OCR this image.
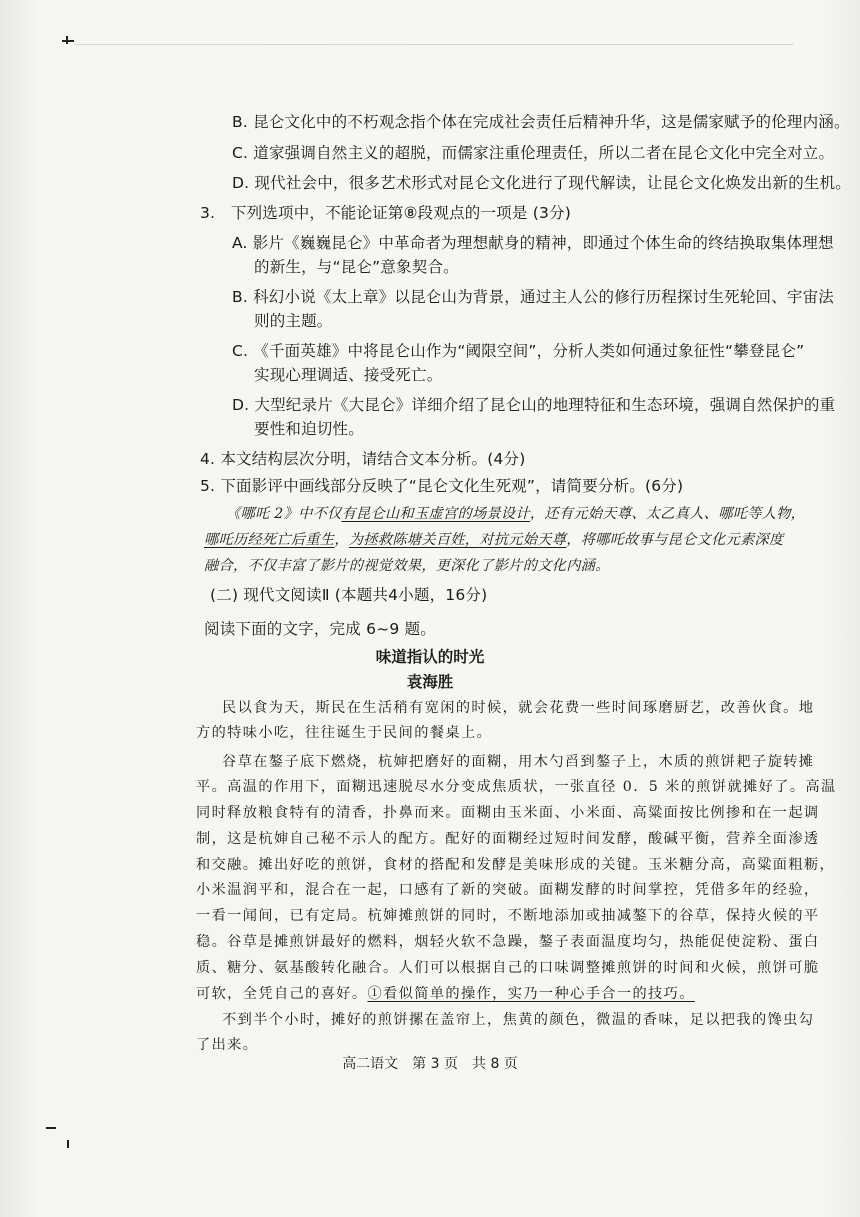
B. 昆仑文化中的不朽观念指个体在完成社会责任后精神升华，这是儒家赋予的伦理内涵。
C. 道家强调自然主义的超脱，而儒家注重伦理责任，所以二者在昆仑文化中完全对立。
D. 现代社会中，很多艺术形式对昆仑文化进行了现代解读，让昆仑文化焕发出新的生机。
3.　下列选项中，不能论证第⑧段观点的一项是 (3分)
A. 影片《巍巍昆仑》中革命者为理想献身的精神，即通过个体生命的终结换取集体理想
的新生，与“昆仑”意象契合。
B. 科幻小说《太上章》以昆仑山为背景，通过主人公的修行历程探讨生死轮回、宇宙法
则的主题。
C. 《千面英雄》中将昆仑山作为“阈限空间”，分析人类如何通过象征性“攀登昆仑”
实现心理调适、接受死亡。
D. 大型纪录片《大昆仑》详细介绍了昆仑山的地理特征和生态环境，强调自然保护的重
要性和迫切性。
4. 本文结构层次分明，请结合文本分析。(4分)
5. 下面影评中画线部分反映了“昆仑文化生死观”，请简要分析。(6分)
《哪吒 2》中不仅有昆仑山和玉虚宫的场景设计，还有元始天尊、太乙真人、哪吒等人物，
哪吒历经死亡后重生，为拯救陈塘关百姓，对抗元始天尊，将哪吒故事与昆仑文化元素深度
融合，不仅丰富了影片的视觉效果，更深化了影片的文化内涵。
(二) 现代文阅读Ⅱ (本题共4小题，16分)
阅读下面的文字，完成 6~9 题。
味道指认的时光
袁海胜
民以食为天，斯民在生活稍有宽闲的时候，就会花费一些时间琢磨厨艺，改善伙食。地
方的特味小吃，往往诞生于民间的餐桌上。
谷草在鏊子底下燃烧，杭婶把磨好的面糊，用木勺舀到鏊子上，木质的煎饼耙子旋转摊
平。高温的作用下，面糊迅速脱尽水分变成焦质状，一张直径 0．5 米的煎饼就摊好了。高温
同时释放粮食特有的清香，扑鼻而来。面糊由玉米面、小米面、高粱面按比例掺和在一起调
制，这是杭婶自己秘不示人的配方。配好的面糊经过短时间发酵，酸碱平衡，营养全面渗透
和交融。摊出好吃的煎饼，食材的搭配和发酵是美味形成的关键。玉米糖分高，高粱面粗粝，
小米温润平和，混合在一起，口感有了新的突破。面糊发酵的时间掌控，凭借多年的经验，
一看一闻间，已有定局。杭婶摊煎饼的同时，不断地添加或抽减鏊下的谷草，保持火候的平
稳。谷草是摊煎饼最好的燃料，烟轻火软不急躁，鏊子表面温度均匀，热能促使淀粉、蛋白
质、糖分、氨基酸转化融合。人们可以根据自己的口味调整摊煎饼的时间和火候，煎饼可脆
可软，全凭自己的喜好。①看似简单的操作，实乃一种心手合一的技巧。
不到半个小时，摊好的煎饼摞在盖帘上，焦黄的颜色，微温的香味，足以把我的馋虫勾
了出来。
高二语文　第 3 页　共 8 页
